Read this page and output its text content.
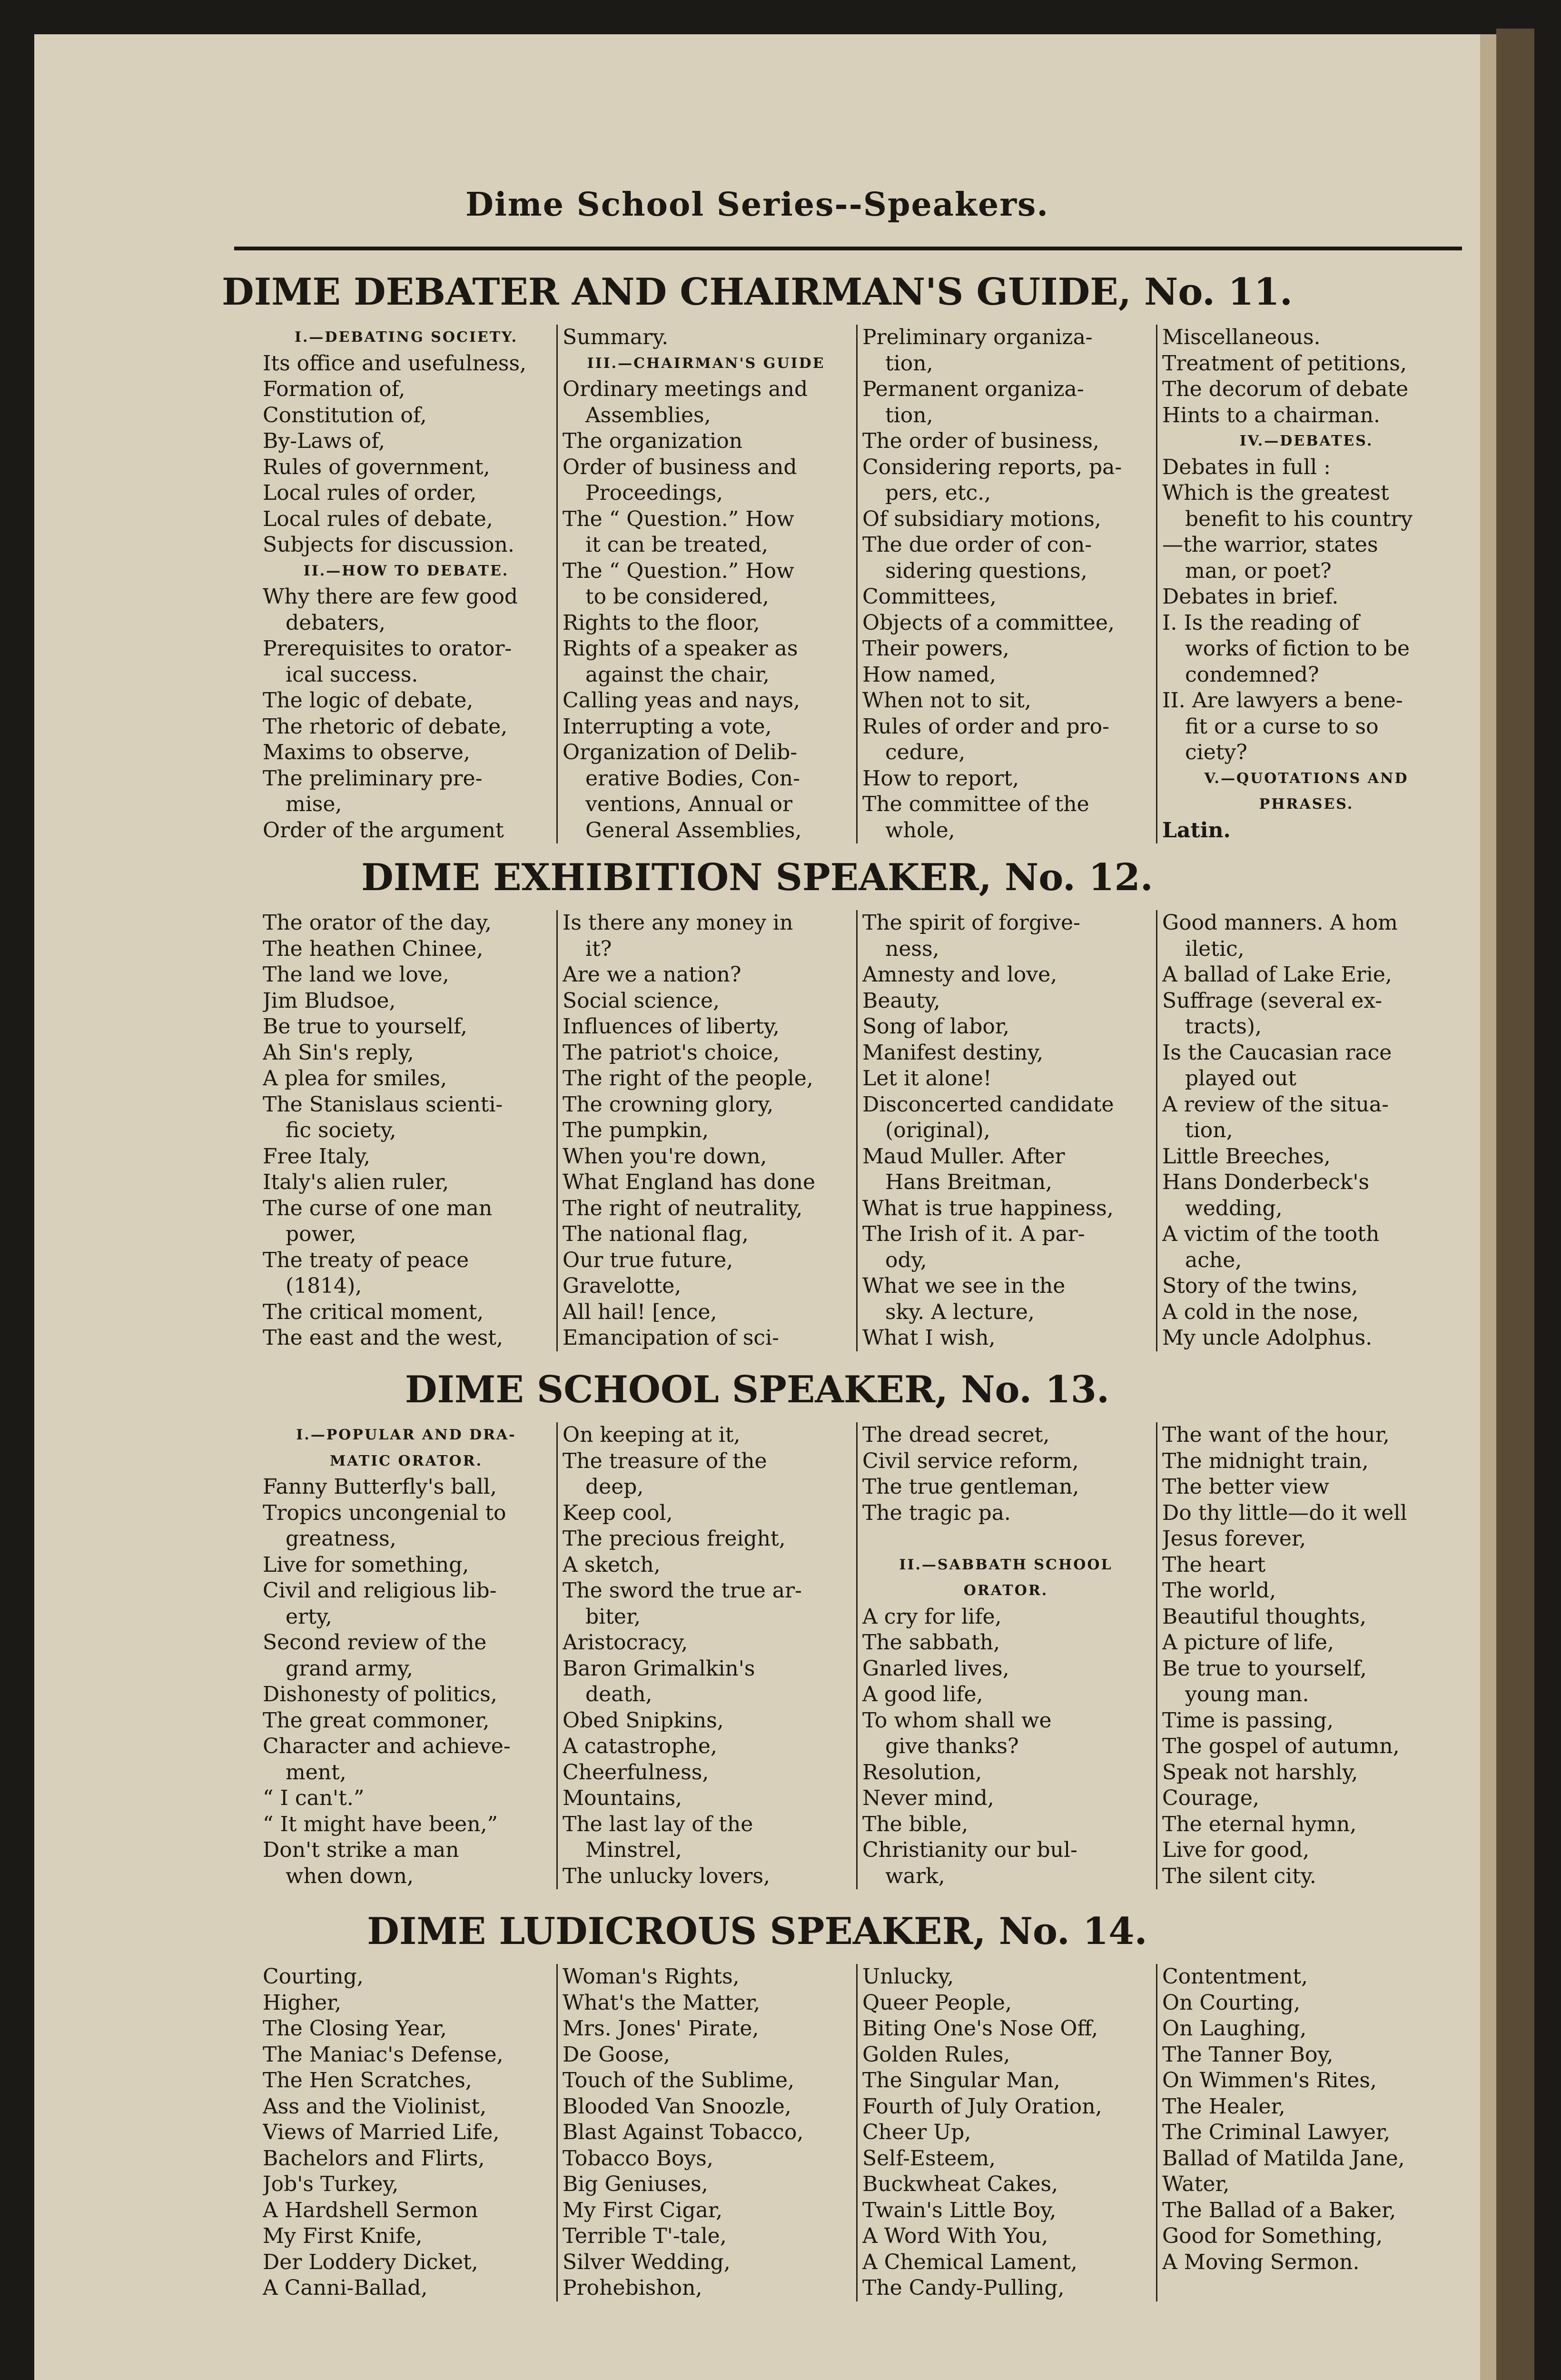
Dime School Series--Speakers.
DIME DEBATER AND CHAIRMAN'S GUIDE, No. 11.
I.—DEBATING SOCIETY.
Its office and usefulness,
Formation of,
Constitution of,
By-Laws of,
Rules of government,
Local rules of order,
Local rules of debate,
Subjects for discussion.
II.—HOW TO DEBATE.
Why there are few good
debaters,
Prerequisites to orator-
ical success.
The logic of debate,
The rhetoric of debate,
Maxims to observe,
The preliminary pre-
mise,
Order of the argument
Summary.
III.—CHAIRMAN'S GUIDE
Ordinary meetings and
Assemblies,
The organization
Order of business and
Proceedings,
The “ Question.” How
it can be treated,
The “ Question.” How
to be considered,
Rights to the floor,
Rights of a speaker as
against the chair,
Calling yeas and nays,
Interrupting a vote,
Organization of Delib-
erative Bodies, Con-
ventions, Annual or
General Assemblies,
Preliminary organiza-
tion,
Permanent organiza-
tion,
The order of business,
Considering reports, pa-
pers, etc.,
Of subsidiary motions,
The due order of con-
sidering questions,
Committees,
Objects of a committee,
Their powers,
How named,
When not to sit,
Rules of order and pro-
cedure,
How to report,
The committee of the
whole,
Miscellaneous.
Treatment of petitions,
The decorum of debate
Hints to a chairman.
IV.—DEBATES.
Debates in full :
Which is the greatest
benefit to his country
—the warrior, states
man, or poet?
Debates in brief.
I. Is the reading of
works of fiction to be
condemned?
II. Are lawyers a bene-
fit or a curse to so
ciety?
V.—QUOTATIONS AND
PHRASES.
Latin.
DIME EXHIBITION SPEAKER, No. 12.
The orator of the day,
The heathen Chinee,
The land we love,
Jim Bludsoe,
Be true to yourself,
Ah Sin's reply,
A plea for smiles,
The Stanislaus scienti-
fic society,
Free Italy,
Italy's alien ruler,
The curse of one man
power,
The treaty of peace
(1814),
The critical moment,
The east and the west,
Is there any money in
it?
Are we a nation?
Social science,
Influences of liberty,
The patriot's choice,
The right of the people,
The crowning glory,
The pumpkin,
When you're down,
What England has done
The right of neutrality,
The national flag,
Our true future,
Gravelotte,
All hail! [ence,
Emancipation of sci-
The spirit of forgive-
ness,
Amnesty and love,
Beauty,
Song of labor,
Manifest destiny,
Let it alone!
Disconcerted candidate
(original),
Maud Muller. After
Hans Breitman,
What is true happiness,
The Irish of it. A par-
ody,
What we see in the
sky. A lecture,
What I wish,
Good manners. A hom
iletic,
A ballad of Lake Erie,
Suffrage (several ex-
tracts),
Is the Caucasian race
played out
A review of the situa-
tion,
Little Breeches,
Hans Donderbeck's
wedding,
A victim of the tooth
ache,
Story of the twins,
A cold in the nose,
My uncle Adolphus.
DIME SCHOOL SPEAKER, No. 13.
I.—POPULAR AND DRA-
MATIC ORATOR.
Fanny Butterfly's ball,
Tropics uncongenial to
greatness,
Live for something,
Civil and religious lib-
erty,
Second review of the
grand army,
Dishonesty of politics,
The great commoner,
Character and achieve-
ment,
“ I can't.”
“ It might have been,”
Don't strike a man
when down,
On keeping at it,
The treasure of the
deep,
Keep cool,
The precious freight,
A sketch,
The sword the true ar-
biter,
Aristocracy,
Baron Grimalkin's
death,
Obed Snipkins,
A catastrophe,
Cheerfulness,
Mountains,
The last lay of the
Minstrel,
The unlucky lovers,
The dread secret,
Civil service reform,
The true gentleman,
The tragic pa.

II.—SABBATH SCHOOL
ORATOR.
A cry for life,
The sabbath,
Gnarled lives,
A good life,
To whom shall we
give thanks?
Resolution,
Never mind,
The bible,
Christianity our bul-
wark,
The want of the hour,
The midnight train,
The better view
Do thy little—do it well
Jesus forever,
The heart
The world,
Beautiful thoughts,
A picture of life,
Be true to yourself,
young man.
Time is passing,
The gospel of autumn,
Speak not harshly,
Courage,
The eternal hymn,
Live for good,
The silent city.
DIME LUDICROUS SPEAKER, No. 14.
Courting,
Higher,
The Closing Year,
The Maniac's Defense,
The Hen Scratches,
Ass and the Violinist,
Views of Married Life,
Bachelors and Flirts,
Job's Turkey,
A Hardshell Sermon
My First Knife,
Der Loddery Dicket,
A Canni-Ballad,
Woman's Rights,
What's the Matter,
Mrs. Jones' Pirate,
De Goose,
Touch of the Sublime,
Blooded Van Snoozle,
Blast Against Tobacco,
Tobacco Boys,
Big Geniuses,
My First Cigar,
Terrible T'-tale,
Silver Wedding,
Prohebishon,
Unlucky,
Queer People,
Biting One's Nose Off,
Golden Rules,
The Singular Man,
Fourth of July Oration,
Cheer Up,
Self-Esteem,
Buckwheat Cakes,
Twain's Little Boy,
A Word With You,
A Chemical Lament,
The Candy-Pulling,
Contentment,
On Courting,
On Laughing,
The Tanner Boy,
On Wimmen's Rites,
The Healer,
The Criminal Lawyer,
Ballad of Matilda Jane,
Water,
The Ballad of a Baker,
Good for Something,
A Moving Sermon.
